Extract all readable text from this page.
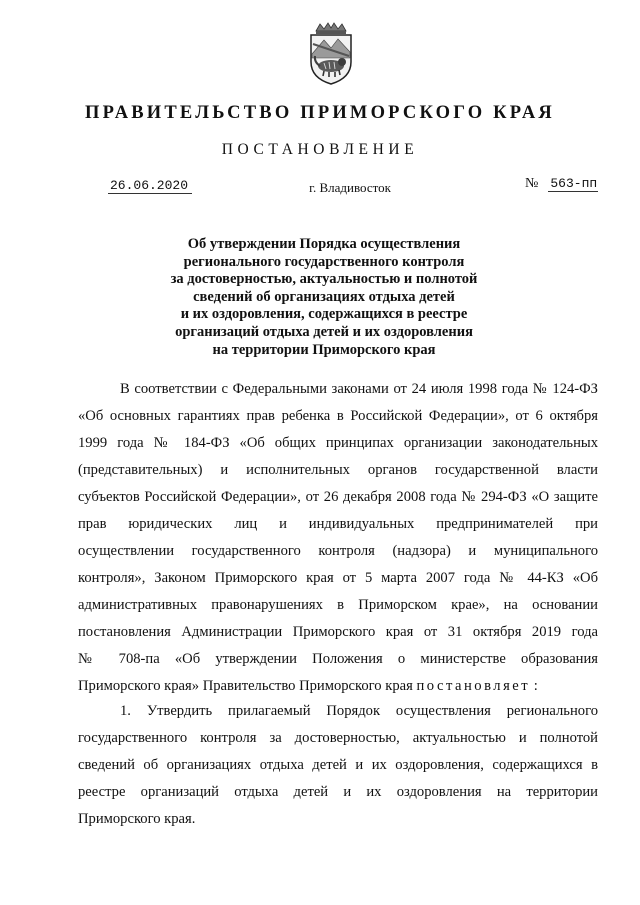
ПРАВИТЕЛЬСТВО ПРИМОРСКОГО КРАЯ
ПОСТАНОВЛЕНИЕ
26.06.2020	г. Владивосток	№ 563-пп
Об утверждении Порядка осуществления
регионального государственного контроля
за достоверностью, актуальностью и полнотой
сведений об организациях отдыха детей
и их оздоровления, содержащихся в реестре
организаций отдыха детей и их оздоровления
на территории Приморского края
В соответствии с Федеральными законами от 24 июля 1998 года № 124-ФЗ
«Об основных гарантиях прав ребенка в Российской Федерации», от 6 октября
1999 года № 184-ФЗ «Об общих принципах организации законодательных
(представительных) и исполнительных органов государственной власти
субъектов Российской Федерации», от 26 декабря 2008 года № 294-ФЗ «О защите
прав юридических лиц и индивидуальных предпринимателей при
осуществлении государственного контроля (надзора) и муниципального
контроля», Законом Приморского края от 5 марта 2007 года № 44-КЗ «Об
административных правонарушениях в Приморском крае», на основании
постановления Администрации Приморского края от 31 октября 2019 года
№ 708-па «Об утверждении Положения о министерстве образования
Приморского края» Правительство Приморского края постановляет :
1. Утвердить прилагаемый Порядок осуществления регионального
государственного контроля за достоверностью, актуальностью и полнотой
сведений об организациях отдыха детей и их оздоровления, содержащихся в
реестре организаций отдыха детей и их оздоровления на территории
Приморского края.
